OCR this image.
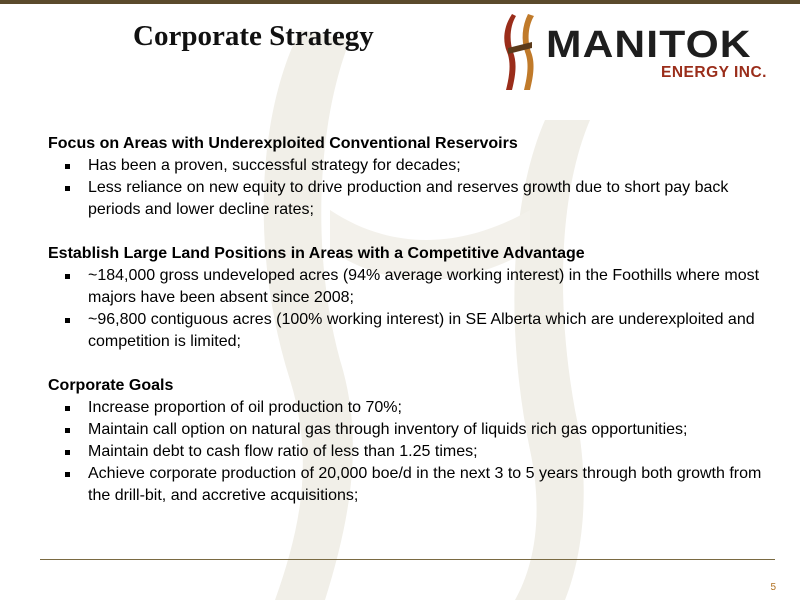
Corporate Strategy	MANITOK
ENERGY INC.
Focus on Areas with Underexploited Conventional Reservoirs
Has been a proven, successful strategy for decades;
Less reliance on new equity to drive production and reserves growth due to short pay back periods and lower decline rates;
Establish Large Land Positions in Areas with a Competitive Advantage
~184,000 gross undeveloped acres (94% average working interest) in the Foothills where most majors have been absent since 2008;
~96,800 contiguous acres (100% working interest) in SE Alberta which are underexploited and competition is limited;
Corporate Goals
Increase proportion of oil production to 70%;
Maintain call option on natural gas through inventory of liquids rich gas opportunities;
Maintain debt to cash flow ratio of less than 1.25 times;
Achieve corporate production of 20,000 boe/d in the next 3 to 5 years through both growth from the drill-bit, and accretive acquisitions;
5
